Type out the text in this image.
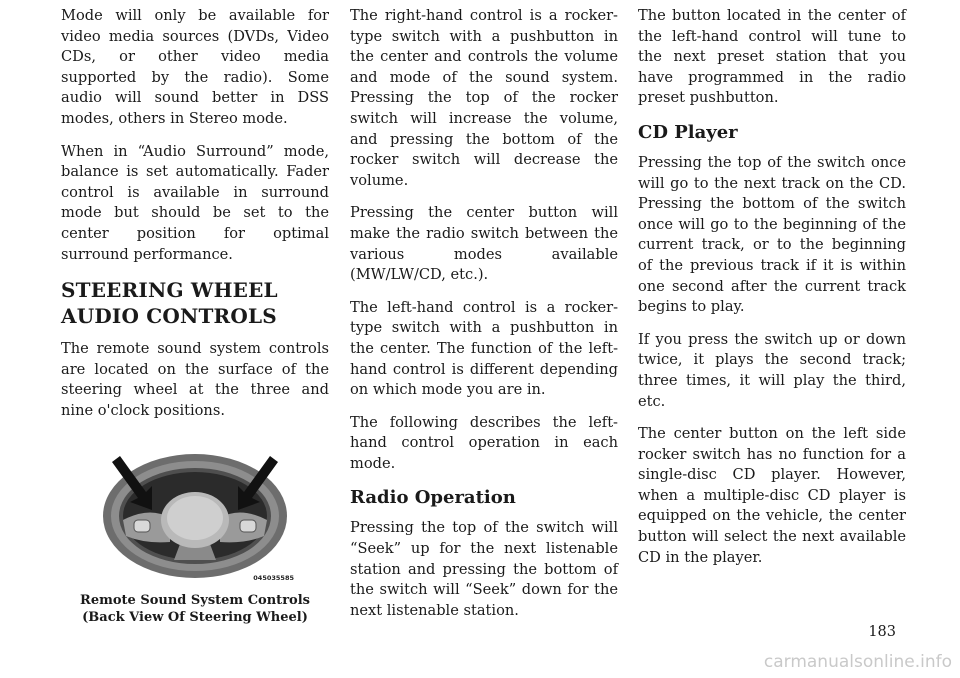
Mode will only be available for video media sources (DVDs, Video CDs, or other video media supported by the radio). Some audio will sound better in DSS modes, others in Stereo mode.

When in “Audio Surround” mode, balance is set automatically. Fader control is available in surround mode but should be set to the center position for optimal surround performance.

STEERING WHEEL
AUDIO CONTROLS

The remote sound system controls are located on the surface of the steering wheel at the three and nine o'clock positions.

045035585
Remote Sound System Controls
(Back View Of Steering Wheel)

The right-hand control is a rocker-type switch with a pushbutton in the center and controls the volume and mode of the sound system. Pressing the top of the rocker switch will increase the volume, and pressing the bottom of the rocker switch will decrease the volume.

Pressing the center button will make the radio switch between the various modes available (MW/LW/CD, etc.).

The left-hand control is a rocker-type switch with a pushbutton in the center. The function of the left-hand control is different depending on which mode you are in.

The following describes the left-hand control operation in each mode.

Radio Operation

Pressing the top of the switch will “Seek” up for the next listenable station and pressing the bottom of the switch will “Seek” down for the next listenable station.

The button located in the center of the left-hand control will tune to the next preset station that you have programmed in the radio preset pushbutton.

CD Player

Pressing the top of the switch once will go to the next track on the CD. Pressing the bottom of the switch once will go to the beginning of the current track, or to the beginning of the previous track if it is within one second after the current track begins to play.

If you press the switch up or down twice, it plays the second track; three times, it will play the third, etc.

The center button on the left side rocker switch has no function for a single-disc CD player. However, when a multiple-disc CD player is equipped on the vehicle, the center button will select the next available CD in the player.

183
carmanualsonline.info
